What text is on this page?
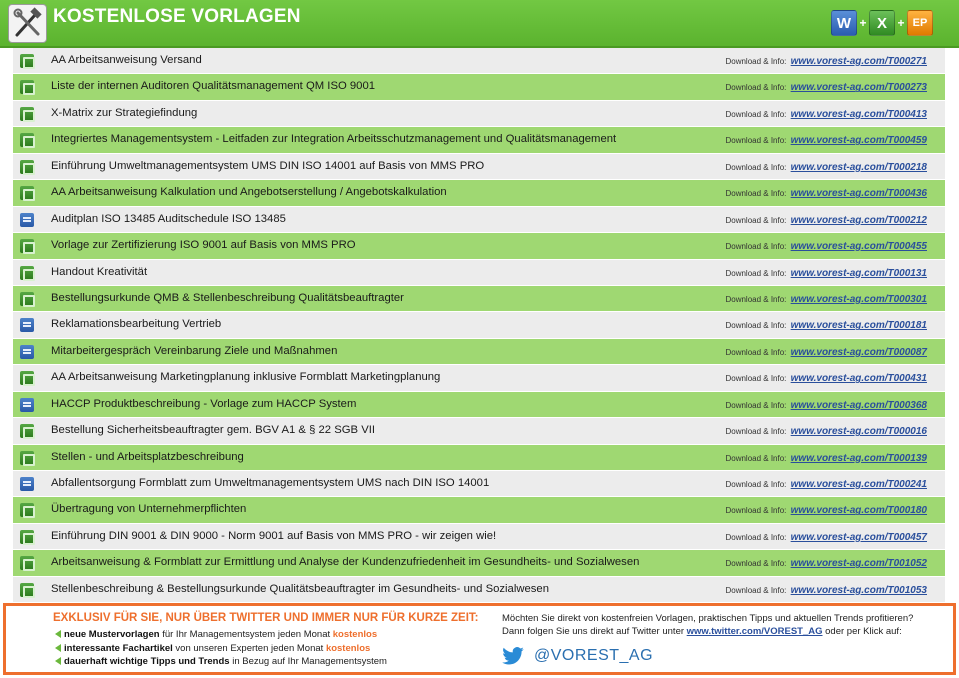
KOSTENLOSE VORLAGEN	W + X + EP
AA Arbeitsanweisung Versand	Download & Info: www.vorest-ag.com/T000271
Liste der internen Auditoren Qualitätsmanagement QM ISO 9001	Download & Info: www.vorest-ag.com/T000273
X-Matrix zur Strategiefindung	Download & Info: www.vorest-ag.com/T000413
Integriertes Managementsystem - Leitfaden zur Integration Arbeitsschutzmanagement und Qualitätsmanagement	Download & Info: www.vorest-ag.com/T000459
Einführung Umweltmanagementsystem UMS DIN ISO 14001 auf Basis von MMS PRO	Download & Info: www.vorest-ag.com/T000218
AA Arbeitsanweisung Kalkulation und Angebotserstellung / Angebotskalkulation	Download & Info: www.vorest-ag.com/T000436
Auditplan ISO 13485 Auditschedule ISO 13485	Download & Info: www.vorest-ag.com/T000212
Vorlage zur Zertifizierung ISO 9001 auf Basis von MMS PRO	Download & Info: www.vorest-ag.com/T000455
Handout Kreativität	Download & Info: www.vorest-ag.com/T000131
Bestellungsurkunde QMB & Stellenbeschreibung Qualitätsbeauftragter	Download & Info: www.vorest-ag.com/T000301
Reklamationsbearbeitung Vertrieb	Download & Info: www.vorest-ag.com/T000181
Mitarbeitergespräch Vereinbarung Ziele und Maßnahmen	Download & Info: www.vorest-ag.com/T000087
AA Arbeitsanweisung Marketingplanung inklusive Formblatt Marketingplanung	Download & Info: www.vorest-ag.com/T000431
HACCP Produktbeschreibung - Vorlage zum HACCP System	Download & Info: www.vorest-ag.com/T000368
Bestellung Sicherheitsbeauftragter gem. BGV A1 & § 22 SGB VII	Download & Info: www.vorest-ag.com/T000016
Stellen - und Arbeitsplatzbeschreibung	Download & Info: www.vorest-ag.com/T000139
Abfallentsorgung Formblatt zum Umweltmanagementsystem UMS nach DIN ISO 14001	Download & Info: www.vorest-ag.com/T000241
Übertragung von Unternehmerpflichten	Download & Info: www.vorest-ag.com/T000180
Einführung DIN 9001 & DIN 9000 - Norm 9001 auf Basis von MMS PRO - wir zeigen wie!	Download & Info: www.vorest-ag.com/T000457
Arbeitsanweisung & Formblatt zur Ermittlung und Analyse der Kundenzufriedenheit im Gesundheits- und Sozialwesen	Download & Info: www.vorest-ag.com/T001052
Stellenbeschreibung & Bestellungsurkunde Qualitätsbeauftragter im Gesundheits- und Sozialwesen	Download & Info: www.vorest-ag.com/T001053
EXKLUSIV FÜR SIE, NUR ÜBER TWITTER UND IMMER NUR FÜR KURZE ZEIT:
neue Mustervorlagen für Ihr Managementsystem jeden Monat kostenlos
interessante Fachartikel von unseren Experten jeden Monat kostenlos
dauerhaft wichtige Tipps und Trends in Bezug auf Ihr Managementsystem
Möchten Sie direkt von kostenfreien Vorlagen, praktischen Tipps und aktuellen Trends profitieren?
Dann folgen Sie uns direkt auf Twitter unter www.twitter.com/VOREST_AG oder per Klick auf:
@VOREST_AG
